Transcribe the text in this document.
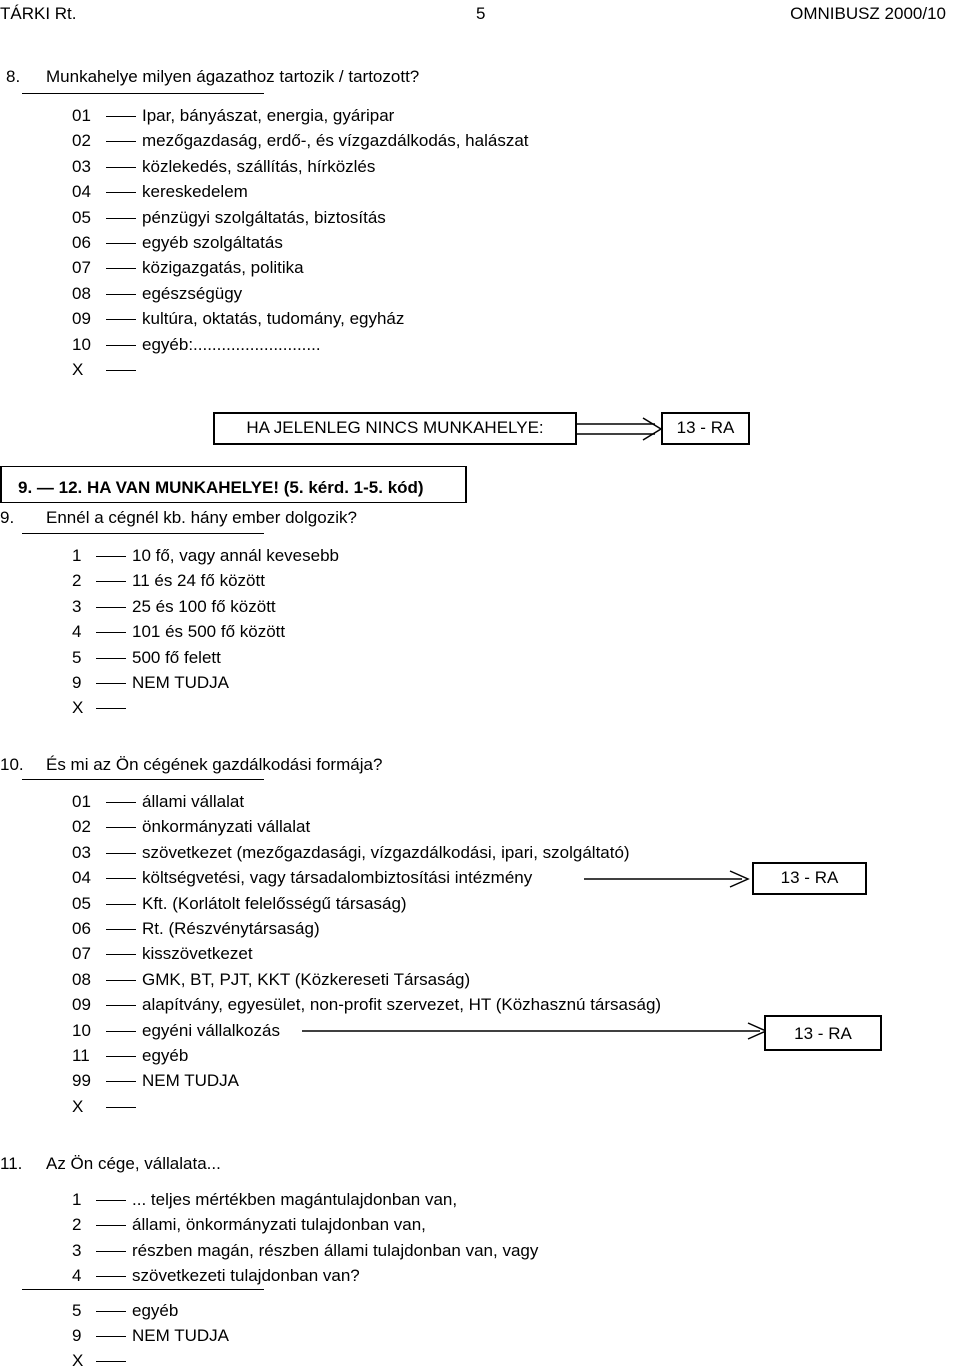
TÁRKI Rt.	5	OMNIBUSZ 2000/10
8. Munkahelye milyen ágazathoz tartozik / tartozott?
01	Ipar, bányászat, energia, gyáripar
02	mezőgazdaság, erdő-, és vízgazdálkodás, halászat
03	közlekedés, szállítás, hírközlés
04	kereskedelem
05	pénzügyi szolgáltatás, biztosítás
06	egyéb szolgáltatás
07	közigazgatás, politika
08	egészségügy
09	kultúra, oktatás, tudomány, egyház
10	egyéb:...........................
X
HA JELENLEG NINCS MUNKAHELYE:	13 - RA
9. — 12. HA VAN MUNKAHELYE! (5. kérd. 1-5. kód)
9. Ennél a cégnél kb. hány ember dolgozik?
1	10 fő, vagy annál kevesebb
2	11 és 24 fő között
3	25 és 100 fő között
4	101 és 500 fő között
5	500 fő felett
9	NEM TUDJA
X
10. És mi az Ön cégének gazdálkodási formája?
01	állami vállalat
02	önkormányzati vállalat
03	szövetkezet (mezőgazdasági, vízgazdálkodási, ipari, szolgáltató)
04	költségvetési, vagy társadalombiztosítási intézmény
05	Kft. (Korlátolt felelősségű társaság)
06	Rt. (Részvénytársaság)
07	kisszövetkezet
08	GMK, BT, PJT, KKT (Közkereseti Társaság)
09	alapítvány, egyesület, non-profit szervezet, HT (Közhasznú társaság)
10	egyéni vállalkozás
11	egyéb
99	NEM TUDJA
X
13 - RA
13 - RA
11. Az Ön cége, vállalata...
1	... teljes mértékben magántulajdonban van,
2	állami, önkormányzati tulajdonban van,
3	részben magán, részben állami tulajdonban van, vagy
4	szövetkezeti tulajdonban van?
5	egyéb
9	NEM TUDJA
X
